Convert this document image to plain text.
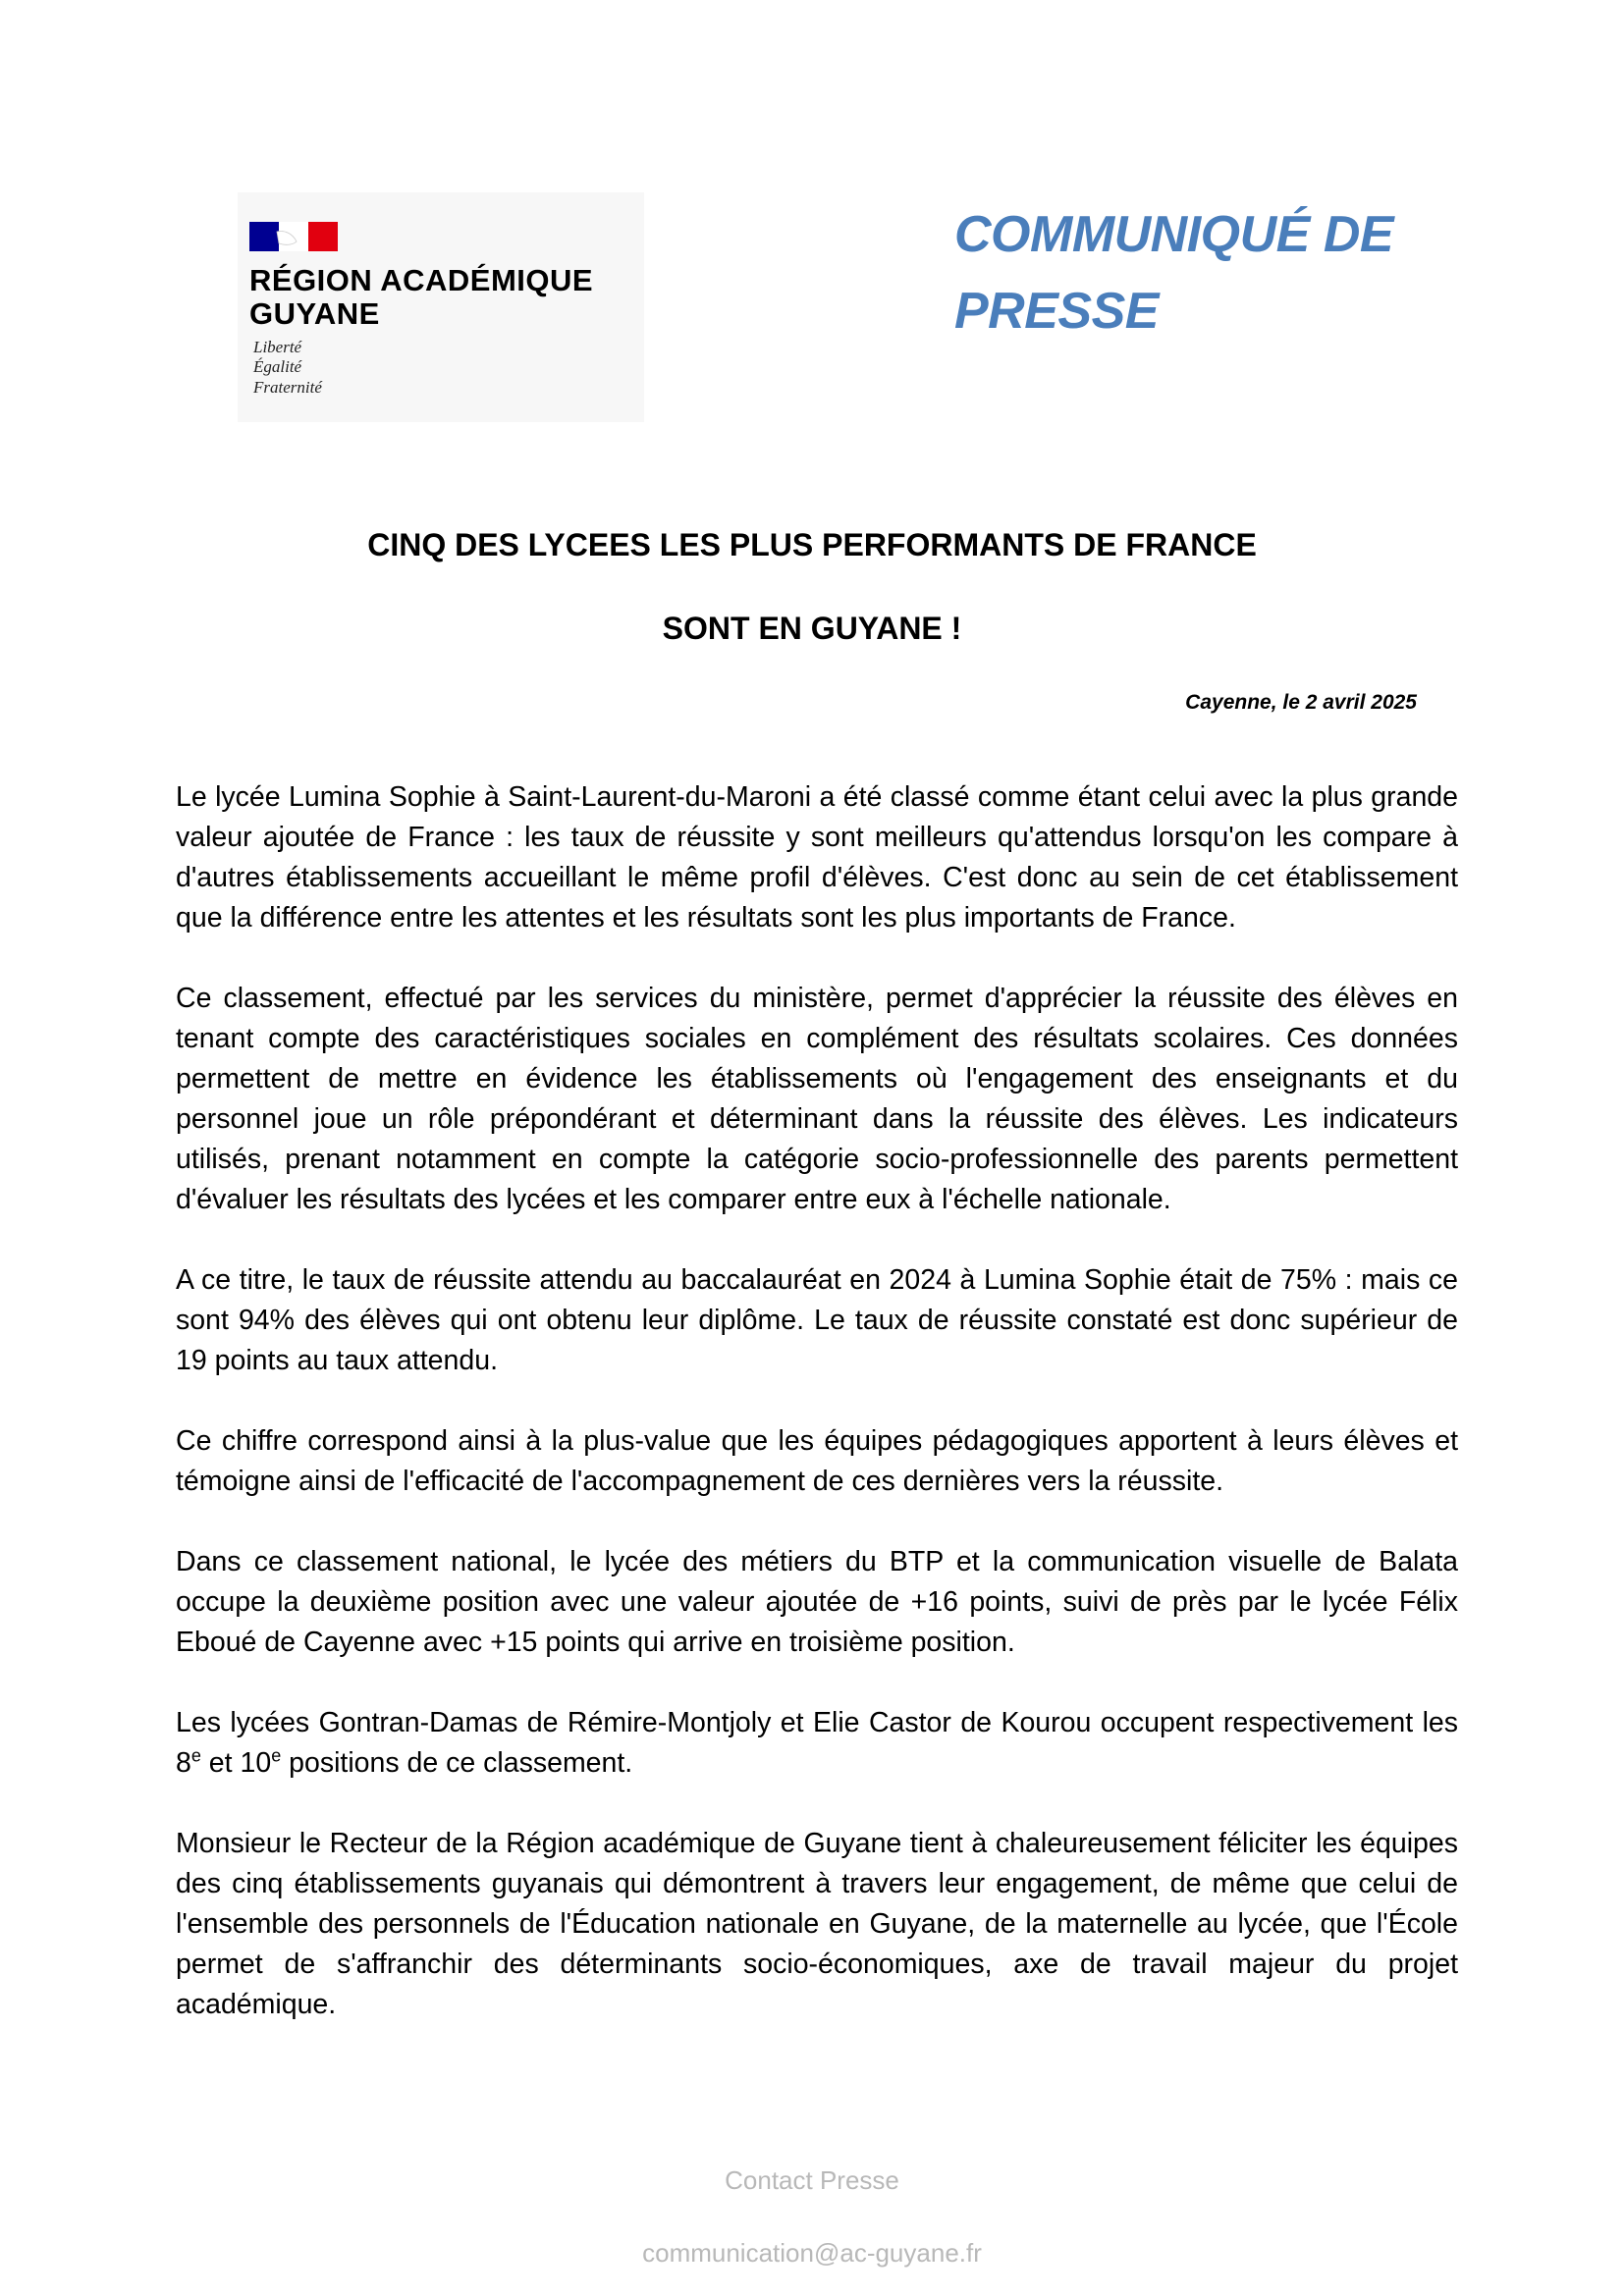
RÉGION ACADÉMIQUE
GUYANE
Liberté
Égalité
Fraternité
COMMUNIQUÉ DE PRESSE
CINQ DES LYCEES LES PLUS PERFORMANTS DE FRANCE
SONT EN GUYANE !
Cayenne, le 2 avril 2025

Le lycée Lumina Sophie à Saint-Laurent-du-Maroni a été classé comme étant celui avec la plus grande valeur ajoutée de France : les taux de réussite y sont meilleurs qu'attendus lorsqu'on les compare à d'autres établissements accueillant le même profil d'élèves. C'est donc au sein de cet établissement que la différence entre les attentes et les résultats sont les plus importants de France.

Ce classement, effectué par les services du ministère, permet d'apprécier la réussite des élèves en tenant compte des caractéristiques sociales en complément des résultats scolaires. Ces données permettent de mettre en évidence les établissements où l'engagement des enseignants et du personnel joue un rôle prépondérant et déterminant dans la réussite des élèves. Les indicateurs utilisés, prenant notamment en compte la catégorie socio-professionnelle des parents permettent d'évaluer les résultats des lycées et les comparer entre eux à l'échelle nationale.

A ce titre, le taux de réussite attendu au baccalauréat en 2024 à Lumina Sophie était de 75% : mais ce sont 94% des élèves qui ont obtenu leur diplôme. Le taux de réussite constaté est donc supérieur de 19 points au taux attendu.

Ce chiffre correspond ainsi à la plus-value que les équipes pédagogiques apportent à leurs élèves et témoigne ainsi de l'efficacité de l'accompagnement de ces dernières vers la réussite.

Dans ce classement national, le lycée des métiers du BTP et la communication visuelle de Balata occupe la deuxième position avec une valeur ajoutée de +16 points, suivi de près par le lycée Félix Eboué de Cayenne avec +15 points qui arrive en troisième position.

Les lycées Gontran-Damas de Rémire-Montjoly et Elie Castor de Kourou occupent respectivement les 8e et 10e positions de ce classement.

Monsieur le Recteur de la Région académique de Guyane tient à chaleureusement féliciter les équipes des cinq établissements guyanais qui démontrent à travers leur engagement, de même que celui de l'ensemble des personnels de l'Éducation nationale en Guyane, de la maternelle au lycée, que l'École permet de s'affranchir des déterminants socio-économiques, axe de travail majeur du projet académique.

Contact Presse
communication@ac-guyane.fr
